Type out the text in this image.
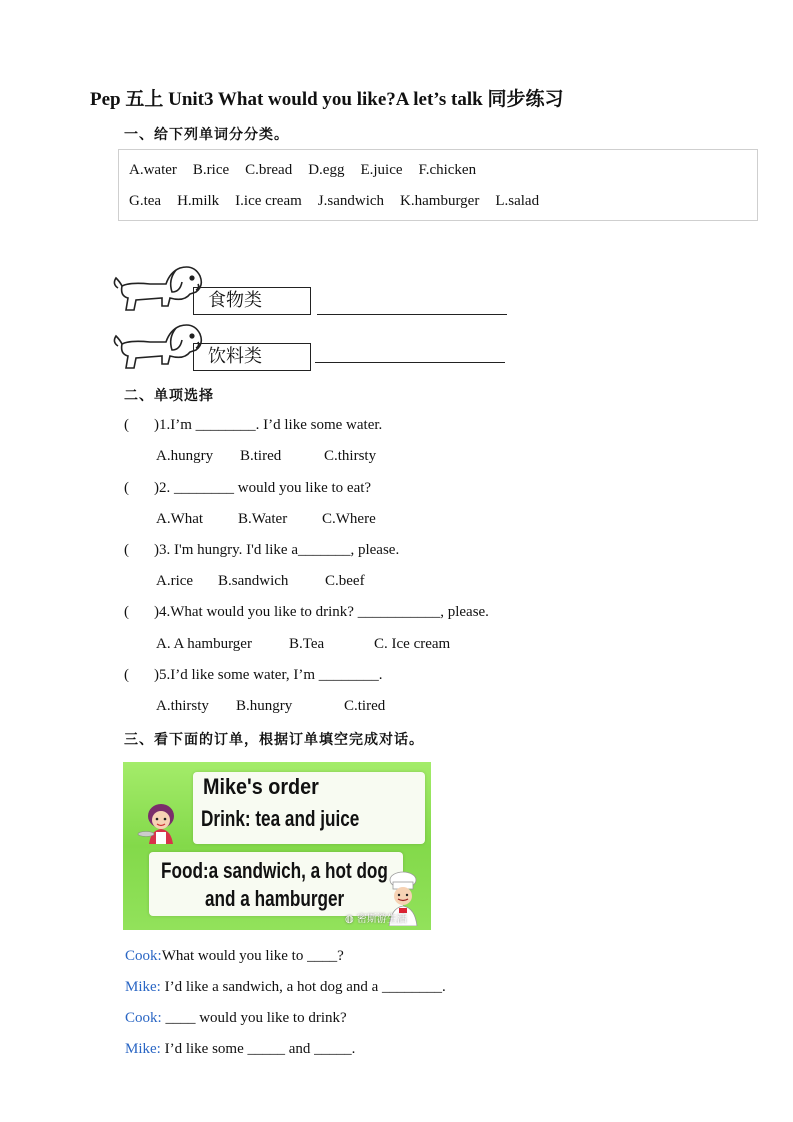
Pep 五上 Unit3 What would you like?A let’s talk 同步练习
一、给下列单词分分类。
A.water B.rice C.bread D.egg E.juice F.chicken
G.tea H.milk I.ice cream J.sandwich K.hamburger L.salad
食物类
饮料类
二、单项选择
( )1.I’m ________. I’d like some water.
A.hungry B.tired	C.thirsty
( )2. ________ would you like to eat?
A.What B.Water C.Where
( )3. I'm hungry. I'd like a_______, please.
A.rice B.sandwich C.beef
( )4.What would you like to drink? ___________, please.
A. A hamburger B.Tea	C. Ice cream
( )5.I’d like some water, I’m ________.
A.thirsty B.hungry	C.tired
三、看下面的订单，根据订单填空完成对话。
Mike's order
Drink: tea and juice
Food:a sandwich, a hot dog
and a hamburger
◍ 密斯游生活
Cook:What would you like to ____?
Mike: I’d like a sandwich, a hot dog and a ________.
Cook: ____ would you like to drink?
Mike: I’d like some _____ and _____.
